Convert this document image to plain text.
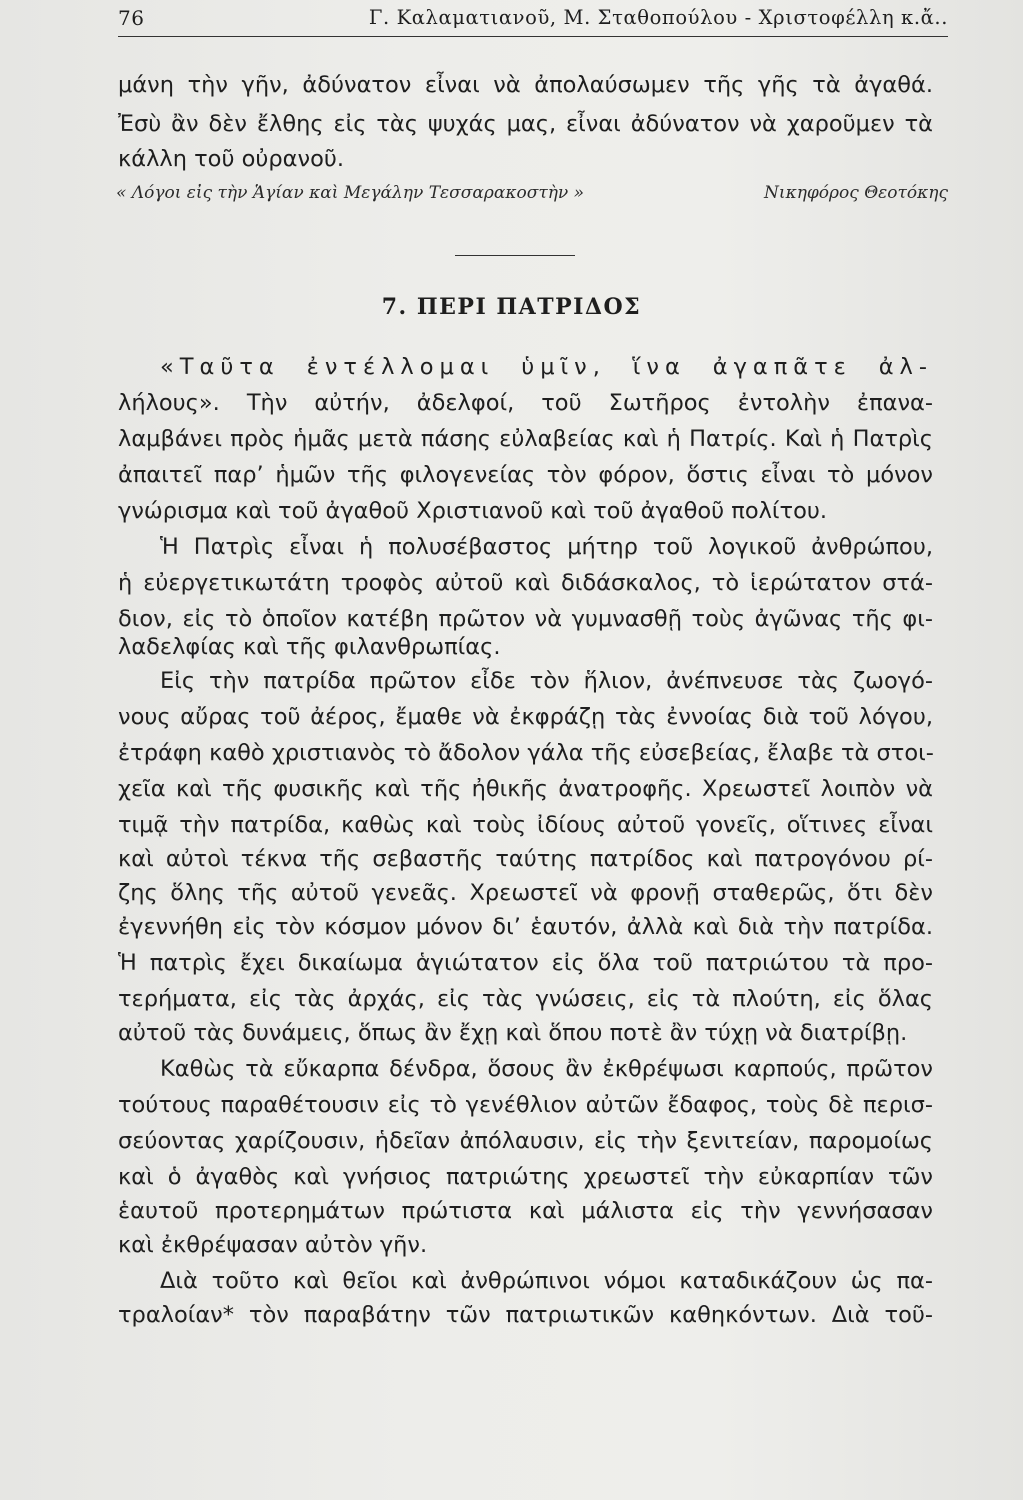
76	Γ. Καλαματιανοῦ, Μ. Σταθοπούλου - Χριστοφέλλη κ.ἄ..

μάνη τὴν γῆν, ἀδύνατον εἶναι νὰ ἀπολαύσωμεν τῆς γῆς τὰ ἀγαθά.

Ἐσὺ ἂν δὲν ἔλθης εἰς τὰς ψυχάς μας, εἶναι ἀδύνατον νὰ χαροῦμεν τὰ

κάλλη τοῦ οὐρανοῦ.

« Λόγοι εἰς τὴν Ἁγίαν καὶ Μεγάλην Τεσσαρακοστὴν »	Νικηφόρος Θεοτόκης
7. ΠΕΡΙ ΠΑΤΡΙΔΟΣ

«Ταῦτα ἐντέλλομαι ὑμῖν, ἵνα ἀγαπᾶτε ἀλ-

λήλους». Τὴν αὐτήν, ἀδελφοί, τοῦ Σωτῆρος ἐντολὴν ἐπανα-

λαμβάνει πρὸς ἡμᾶς μετὰ πάσης εὐλαβείας καὶ ἡ Πατρίς. Καὶ ἡ Πατρὶς

ἀπαιτεῖ παρ’ ἡμῶν τῆς φιλογενείας τὸν φόρον, ὅστις εἶναι τὸ μόνον

γνώρισμα καὶ τοῦ ἀγαθοῦ Χριστιανοῦ καὶ τοῦ ἀγαθοῦ πολίτου.

Ἡ Πατρὶς εἶναι ἡ πολυσέβαστος μήτηρ τοῦ λογικοῦ ἀνθρώπου,

ἡ εὐεργετικωτάτη τροφὸς αὐτοῦ καὶ διδάσκαλος, τὸ ἱερώτατον στά-

διον, εἰς τὸ ὁποῖον κατέβη πρῶτον νὰ γυμνασθῇ τοὺς ἀγῶνας τῆς φι-

λαδελφίας καὶ τῆς φιλανθρωπίας.

Εἰς τὴν πατρίδα πρῶτον εἶδε τὸν ἥλιον, ἀνέπνευσε τὰς ζωογό-

νους αὔρας τοῦ ἀέρος, ἔμαθε νὰ ἐκφράζῃ τὰς ἐννοίας διὰ τοῦ λόγου,

ἐτράφη καθὸ χριστιανὸς τὸ ἄδολον γάλα τῆς εὐσεβείας, ἔλαβε τὰ στοι-

χεῖα καὶ τῆς φυσικῆς καὶ τῆς ἠθικῆς ἀνατροφῆς. Χρεωστεῖ λοιπὸν νὰ

τιμᾷ τὴν πατρίδα, καθὼς καὶ τοὺς ἰδίους αὐτοῦ γονεῖς, οἵτινες εἶναι

καὶ αὐτοὶ τέκνα τῆς σεβαστῆς ταύτης πατρίδος καὶ πατρογόνου ρί-

ζης ὅλης τῆς αὐτοῦ γενεᾶς. Χρεωστεῖ νὰ φρονῇ σταθερῶς, ὅτι δὲν

ἐγεννήθη εἰς τὸν κόσμον μόνον δι’ ἑαυτόν, ἀλλὰ καὶ διὰ τὴν πατρίδα.

Ἡ πατρὶς ἔχει δικαίωμα ἁγιώτατον εἰς ὅλα τοῦ πατριώτου τὰ προ-

τερήματα, εἰς τὰς ἀρχάς, εἰς τὰς γνώσεις, εἰς τὰ πλούτη, εἰς ὅλας

αὐτοῦ τὰς δυνάμεις, ὅπως ἂν ἔχῃ καὶ ὅπου ποτὲ ἂν τύχῃ νὰ διατρίβῃ.

Καθὼς τὰ εὔκαρπα δένδρα, ὅσους ἂν ἐκθρέψωσι καρπούς, πρῶτον

τούτους παραθέτουσιν εἰς τὸ γενέθλιον αὐτῶν ἔδαφος, τοὺς δὲ περισ-

σεύοντας χαρίζουσιν, ἡδεῖαν ἀπόλαυσιν, εἰς τὴν ξενιτείαν, παρομοίως

καὶ ὁ ἀγαθὸς καὶ γνήσιος πατριώτης χρεωστεῖ τὴν εὐκαρπίαν τῶν

ἑαυτοῦ προτερημάτων πρώτιστα καὶ μάλιστα εἰς τὴν γεννήσασαν

καὶ ἐκθρέψασαν αὐτὸν γῆν.

Διὰ τοῦτο καὶ θεῖοι καὶ ἀνθρώπινοι νόμοι καταδικάζουν ὡς πα-

τραλοίαν* τὸν παραβάτην τῶν πατριωτικῶν καθηκόντων. Διὰ τοῦ-
